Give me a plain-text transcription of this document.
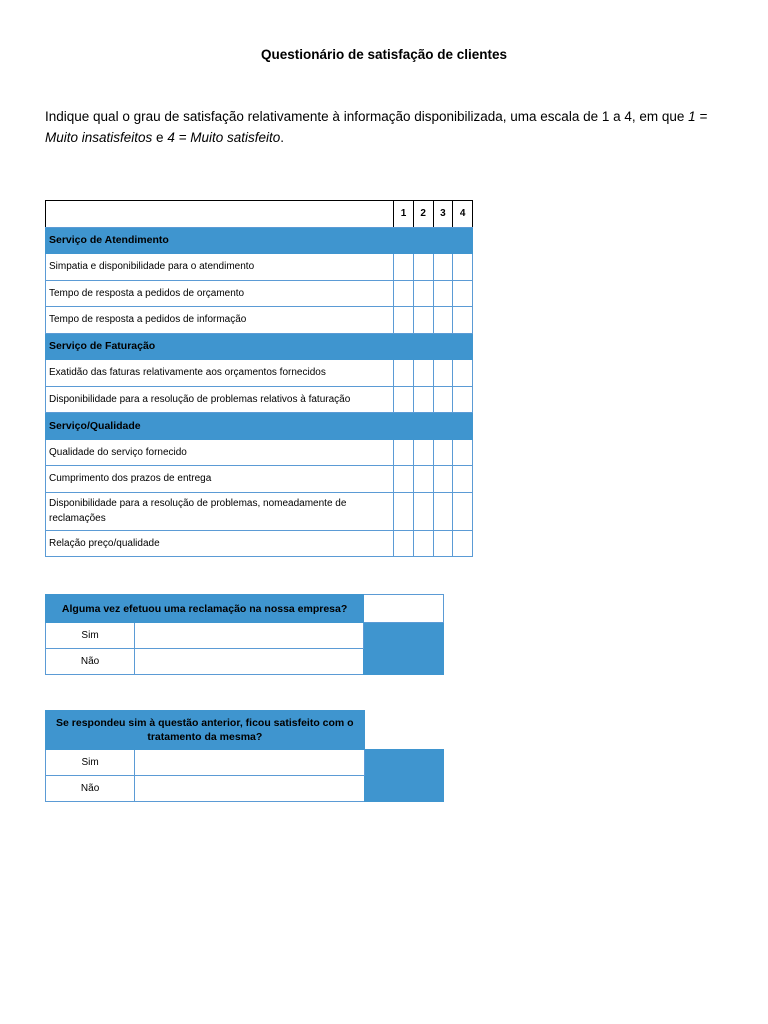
Questionário de satisfação de clientes
Indique qual o grau de satisfação relativamente à informação disponibilizada, uma escala de 1 a 4, em que 1 = Muito insatisfeitos e 4 = Muito satisfeito.
	1	2	3	4
Serviço de Atendimento				
Simpatia e disponibilidade para o atendimento				
Tempo de resposta a pedidos de orçamento				
Tempo de resposta a pedidos de informação				
Serviço de Faturação				
Exatidão das faturas relativamente aos orçamentos fornecidos				
Disponibilidade para a resolução de problemas relativos à faturação				
Serviço/Qualidade				
Qualidade do serviço fornecido				
Cumprimento dos prazos de entrega				
Disponibilidade para a resolução de problemas, nomeadamente de reclamações				
Relação preço/qualidade				
Alguma vez efetuou uma reclamação na nossa empresa?		
Sim		
Não		
Se respondeu sim à questão anterior, ficou satisfeito com o tratamento da mesma?		
Sim		
Não		
